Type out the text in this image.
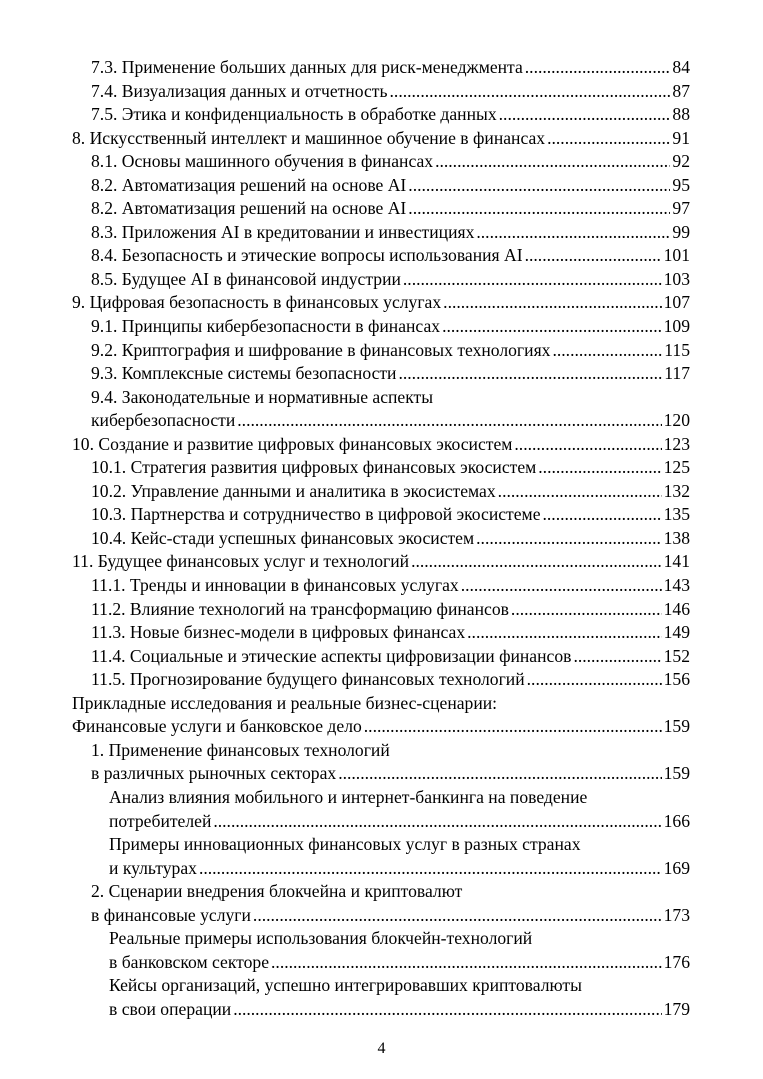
7.3. Применение больших данных для риск-менеджмента .....	84
7.4. Визуализация данных и отчетность .....	87
7.5. Этика и конфиденциальность в обработке данных .....	88
8. Искусственный интеллект и машинное обучение в финансах .....	91
8.1. Основы машинного обучения в финансах .....	92
8.2. Автоматизация решений на основе AI .....	95
8.2. Автоматизация решений на основе AI .....	97
8.3. Приложения AI в кредитовании и инвестициях .....	99
8.4. Безопасность и этические вопросы использования AI .....	101
8.5. Будущее AI в финансовой индустрии .....	103
9. Цифровая безопасность в финансовых услугах .....	107
9.1. Принципы кибербезопасности в финансах .....	109
9.2. Криптография и шифрование в финансовых технологиях .....	115
9.3. Комплексные системы безопасности .....	117
9.4. Законодательные и нормативные аспекты
кибербезопасности .....	120
10. Создание и развитие цифровых финансовых экосистем .....	123
10.1. Стратегия развития цифровых финансовых экосистем .....	125
10.2. Управление данными и аналитика в экосистемах .....	132
10.3. Партнерства и сотрудничество в цифровой экосистеме .....	135
10.4. Кейс-стади успешных финансовых экосистем .....	138
11. Будущее финансовых услуг и технологий .....	141
11.1. Тренды и инновации в финансовых услугах .....	143
11.2. Влияние технологий на трансформацию финансов .....	146
11.3. Новые бизнес-модели в цифровых финансах .....	149
11.4. Социальные и этические аспекты цифровизации финансов .....	152
11.5. Прогнозирование будущего финансовых технологий .....	156
Прикладные исследования и реальные бизнес-сценарии:
Финансовые услуги и банковское дело .....	159
1. Применение финансовых технологий
в различных рыночных секторах .....	159
Анализ влияния мобильного и интернет-банкинга на поведение
потребителей .....	166
Примеры инновационных финансовых услуг в разных странах
и культурах .....	169
2. Сценарии внедрения блокчейна и криптовалют
в финансовые услуги .....	173
Реальные примеры использования блокчейн-технологий
в банковском секторе .....	176
Кейсы организаций, успешно интегрировавших криптовалюты
в свои операции .....	179
4
